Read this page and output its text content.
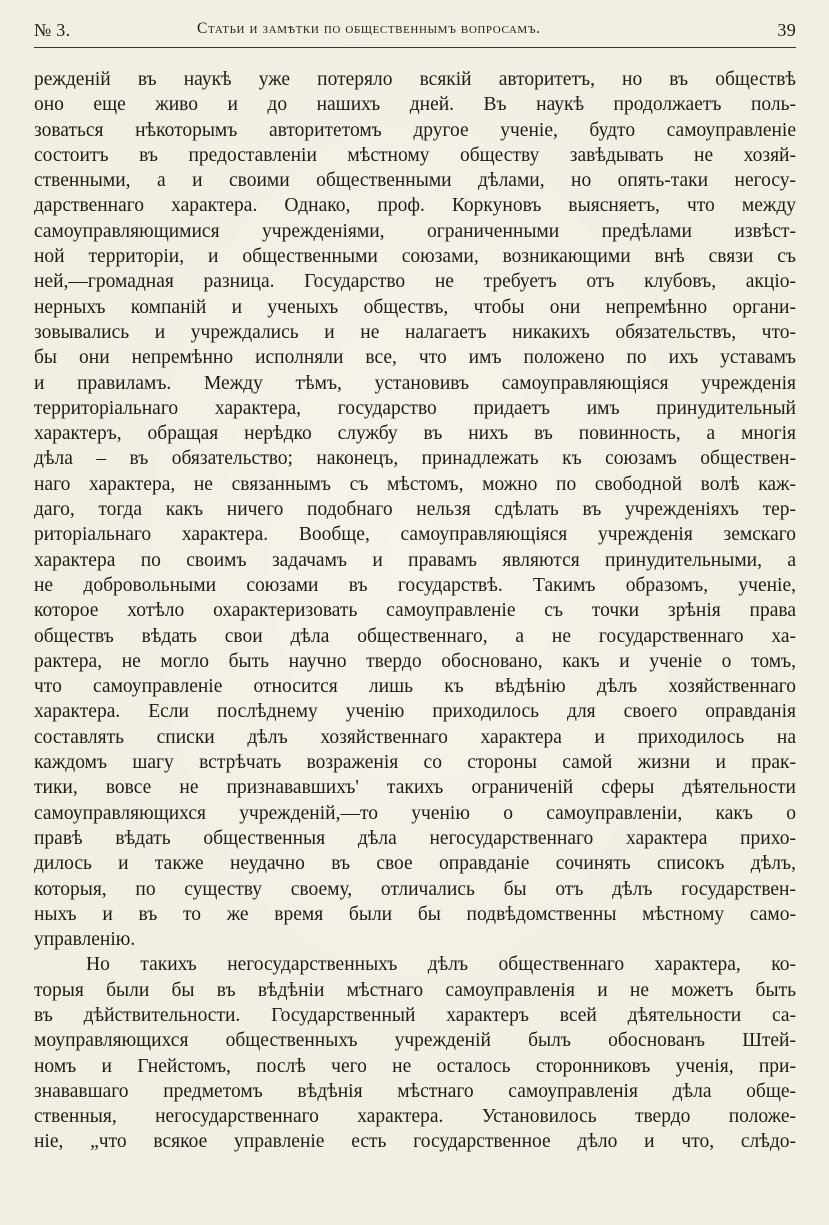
№ 3.	Статьи и замѣтки по общественнымъ вопросамъ.	39
режденій въ наукѣ уже потеряло всякій авторитетъ, но въ обществѣ
оно еще живо и до нашихъ дней. Въ наукѣ продолжаетъ поль-
зоваться нѣкоторымъ авторитетомъ другое ученіе, будто самоуправленіе
состоитъ въ предоставленіи мѣстному обществу завѣдывать не хозяй-
ственными, а и своими общественными дѣлами, но опять-таки негосу-
дарственнаго характера. Однако, проф. Коркуновъ выясняетъ, что между
самоуправляющимися учрежденіями, ограниченными предѣлами извѣст-
ной территоріи, и общественными союзами, возникающими внѣ связи съ
ней,—громадная разница. Государство не требуетъ отъ клубовъ, акціо-
нерныхъ компаній и ученыхъ обществъ, чтобы они непремѣнно органи-
зовывались и учреждались и не налагаетъ никакихъ обязательствъ, что-
бы они непремѣнно исполняли все, что имъ положено по ихъ уставамъ
и правиламъ. Между тѣмъ, установивъ самоуправляющіяся учрежденія
территоріальнаго характера, государство придаетъ имъ принудительный
характеръ, обращая нерѣдко службу въ нихъ въ повинность, а многія
дѣла – въ обязательство; наконецъ, принадлежать къ союзамъ обществен-
наго характера, не связаннымъ съ мѣстомъ, можно по свободной волѣ каж-
даго, тогда какъ ничего подобнаго нельзя сдѣлать въ учрежденіяхъ тер-
риторіальнаго характера. Вообще, самоуправляющіяся учрежденія земскаго
характера по своимъ задачамъ и правамъ являются принудительными, а
не добровольными союзами въ государствѣ. Такимъ образомъ, ученіе,
которое хотѣло охарактеризовать самоуправленіе съ точки зрѣнія права
обществъ вѣдать свои дѣла общественнаго, а не государственнаго ха-
рактера, не могло быть научно твердо обосновано, какъ и ученіе о томъ,
что самоуправленіе относится лишь къ вѣдѣнію дѣлъ хозяйственнаго
характера. Если послѣднему ученію приходилось для своего оправданія
составлять списки дѣлъ хозяйственнаго характера и приходилось на
каждомъ шагу встрѣчать возраженія со стороны самой жизни и прак-
тики, вовсе не признававшихъ' такихъ ограниченій сферы дѣятельности
самоуправляющихся учрежденій,—то ученію о самоуправленіи, какъ о
правѣ вѣдать общественныя дѣла негосударственнаго характера прихо-
дилось и также неудачно въ свое оправданіе сочинять списокъ дѣлъ,
которыя, по существу своему, отличались бы отъ дѣлъ государствен-
ныхъ и въ то же время были бы подвѣдомственны мѣстному само-
управленію.
Но такихъ негосударственныхъ дѣлъ общественнаго характера, ко-
торыя были бы въ вѣдѣніи мѣстнаго самоуправленія и не можетъ быть
въ дѣйствительности. Государственный характеръ всей дѣятельности са-
моуправляющихся общественныхъ учрежденій былъ обоснованъ Штей-
номъ и Гнейстомъ, послѣ чего не осталось сторонниковъ ученія, при-
знававшаго предметомъ вѣдѣнія мѣстнаго самоуправленія дѣла обще-
ственныя, негосударственнаго характера. Установилось твердо положе-
ніе, „что всякое управленіе есть государственное дѣло и что, слѣдо-
